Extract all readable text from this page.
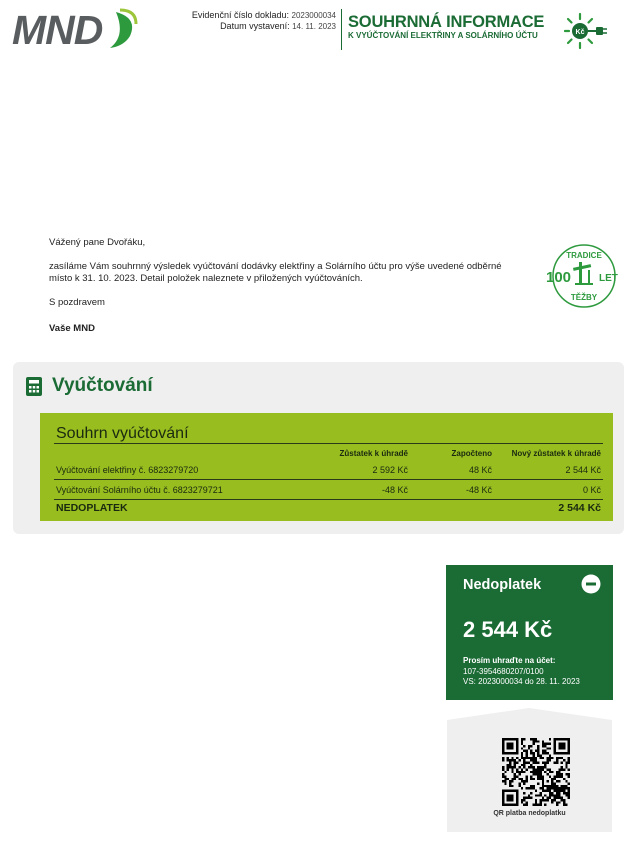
MND	Evidenční číslo dokladu: 2023000034
Datum vystavení: 14. 11. 2023 SOUHRNNÁ INFORMACE
K VYÚČTOVÁNÍ ELEKTŘINY A SOLÁRNÍHO ÚČTU	Kč

Vážený pane Dvořáku,

zasíláme Vám souhrnný výsledek vyúčtování dodávky elektřiny a Solárního účtu pro výše uvedené odběrné místo k 31. 10. 2023. Detail položek naleznete v přiložených vyúčtováních.

S pozdravem

Vaše MND

TRADICE
100	LET
TĚŽBY
Vyúčtování
Souhrn vyúčtování
	Zůstatek k úhradě	Započteno	Nový zůstatek k úhradě
Vyúčtování elektřiny č. 6823279720	2 592 Kč	48 Kč	2 544 Kč
Vyúčtování Solárního účtu č. 6823279721	-48 Kč	-48 Kč	0 Kč
NEDOPLATEK			2 544 Kč
Nedoplatek
2 544 Kč
Prosím uhraďte na účet:
107-3954680207/0100
VS: 2023000034 do 28. 11. 2023
QR platba nedoplatku
